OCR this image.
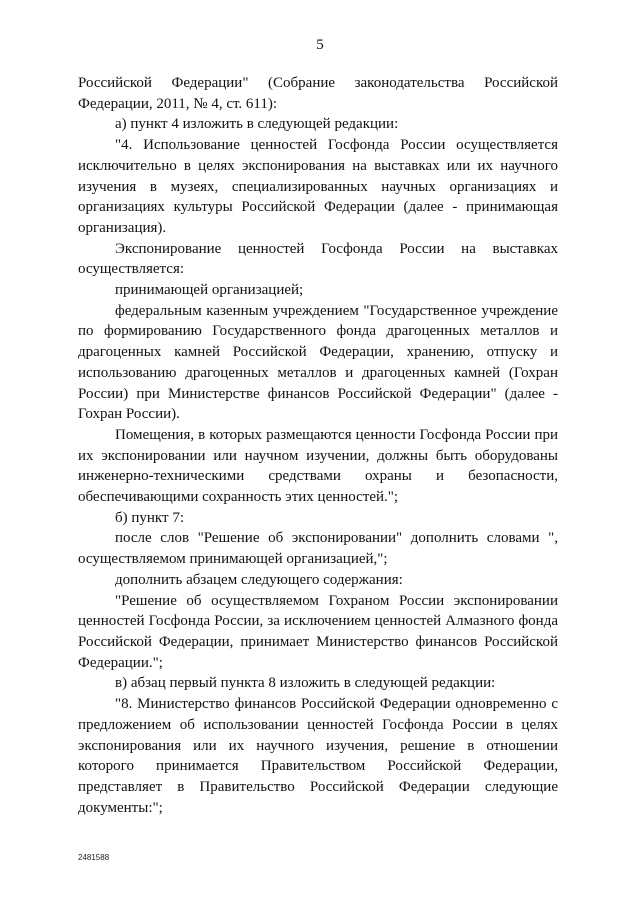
5

Российской Федерации" (Собрание законодательства Российской Федерации, 2011, № 4, ст. 611):

а) пункт 4 изложить в следующей редакции:

"4. Использование ценностей Госфонда России осуществляется исключительно в целях экспонирования на выставках или их научного изучения в музеях, специализированных научных организациях и организациях культуры Российской Федерации (далее - принимающая организация).

Экспонирование ценностей Госфонда России на выставках осуществляется:

принимающей организацией;

федеральным казенным учреждением "Государственное учреждение по формированию Государственного фонда драгоценных металлов и драгоценных камней Российской Федерации, хранению, отпуску и использованию драгоценных металлов и драгоценных камней (Гохран России) при Министерстве финансов Российской Федерации" (далее - Гохран России).

Помещения, в которых размещаются ценности Госфонда России при их экспонировании или научном изучении, должны быть оборудованы инженерно-техническими средствами охраны и безопасности, обеспечивающими сохранность этих ценностей.";

б) пункт 7:

после слов "Решение об экспонировании" дополнить словами ", осуществляемом принимающей организацией,";

дополнить абзацем следующего содержания:

"Решение об осуществляемом Гохраном России экспонировании ценностей Госфонда России, за исключением ценностей Алмазного фонда Российской Федерации, принимает Министерство финансов Российской Федерации.";

в) абзац первый пункта 8 изложить в следующей редакции:

"8. Министерство финансов Российской Федерации одновременно с предложением об использовании ценностей Госфонда России в целях экспонирования или их научного изучения, решение в отношении которого принимается Правительством Российской Федерации, представляет в Правительство Российской Федерации следующие документы:";

2481588
